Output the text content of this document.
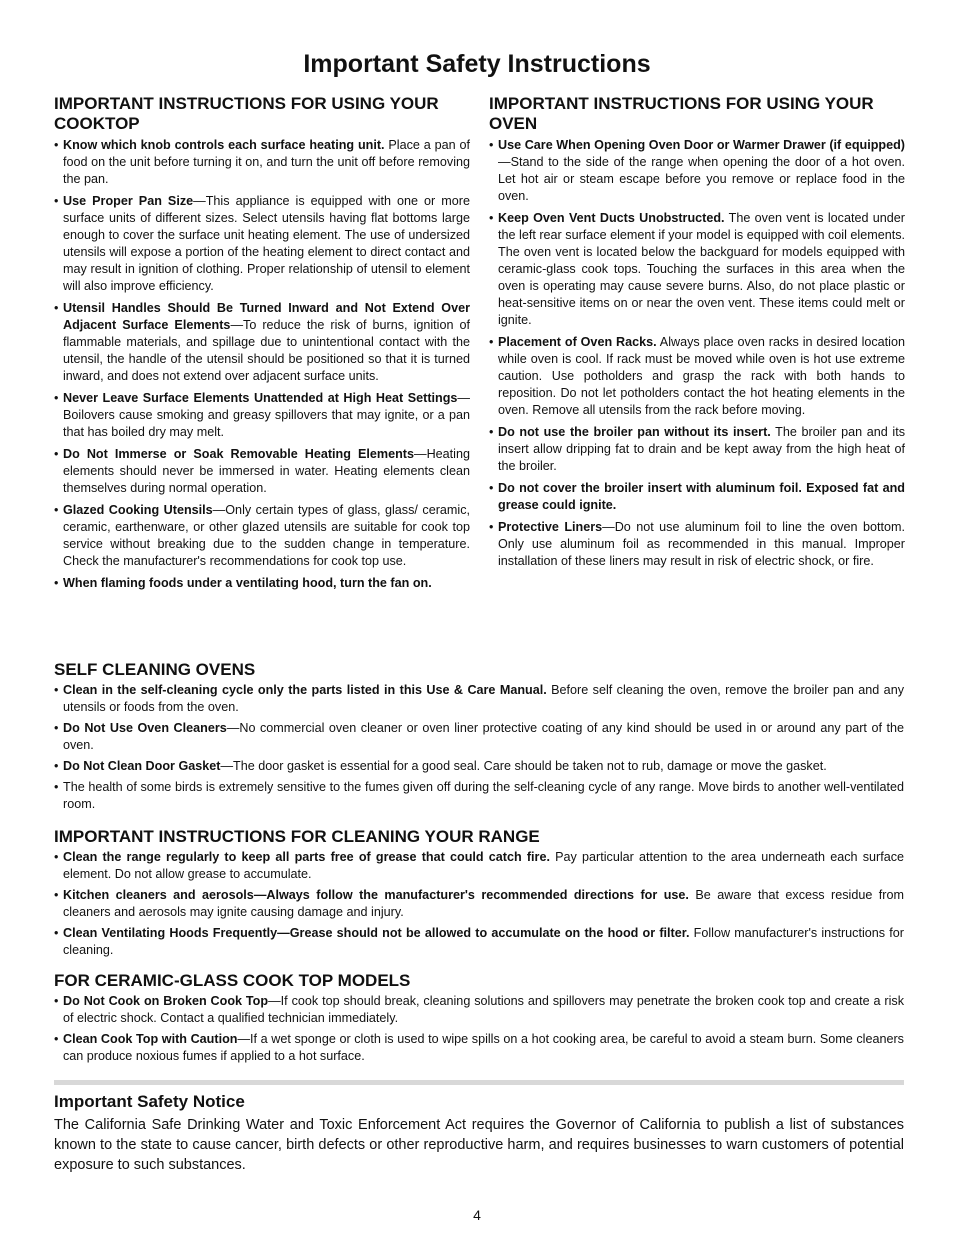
Important Safety Instructions
IMPORTANT INSTRUCTIONS FOR USING YOUR COOKTOP
• Know which knob controls each surface heating unit. Place a pan of food on the unit before turning it on, and turn the unit off before removing the pan.
• Use Proper Pan Size—This appliance is equipped with one or more surface units of different sizes. Select utensils having flat bottoms large enough to cover the surface unit heating element. The use of undersized utensils will expose a portion of the heating element to direct contact and may result in ignition of clothing. Proper relationship of utensil to element will also improve efficiency.
• Utensil Handles Should Be Turned Inward and Not Extend Over Adjacent Surface Elements—To reduce the risk of burns, ignition of flammable materials, and spillage due to unintentional contact with the utensil, the handle of the utensil should be positioned so that it is turned inward, and does not extend over adjacent surface units.
• Never Leave Surface Elements Unattended at High Heat Settings—Boilovers cause smoking and greasy spillovers that may ignite, or a pan that has boiled dry may melt.
• Do Not Immerse or Soak Removable Heating Elements—Heating elements should never be immersed in water. Heating elements clean themselves during normal operation.
• Glazed Cooking Utensils—Only certain types of glass, glass/ ceramic, ceramic, earthenware, or other glazed utensils are suitable for cook top service without breaking due to the sudden change in temperature. Check the manufacturer's recommendations for cook top use.
• When flaming foods under a ventilating hood, turn the fan on.
IMPORTANT INSTRUCTIONS FOR USING YOUR OVEN
• Use Care When Opening Oven Door or Warmer Drawer (if equipped)—Stand to the side of the range when opening the door of a hot oven. Let hot air or steam escape before you remove or replace food in the oven.
• Keep Oven Vent Ducts Unobstructed. The oven vent is located under the left rear surface element if your model is equipped with coil elements. The oven vent is located below the backguard for models equipped with ceramic-glass cook tops. Touching the surfaces in this area when the oven is operating may cause severe burns. Also, do not place plastic or heat-sensitive items on or near the oven vent. These items could melt or ignite.
• Placement of Oven Racks. Always place oven racks in desired location while oven is cool. If rack must be moved while oven is hot use extreme caution. Use potholders and grasp the rack with both hands to reposition. Do not let potholders contact the hot heating elements in the oven. Remove all utensils from the rack before moving.
• Do not use the broiler pan without its insert. The broiler pan and its insert allow dripping fat to drain and be kept away from the high heat of the broiler.
• Do not cover the broiler insert with aluminum foil. Exposed fat and grease could ignite.
• Protective Liners—Do not use aluminum foil to line the oven bottom. Only use aluminum foil as recommended in this manual. Improper installation of these liners may result in risk of electric shock, or fire.
SELF CLEANING OVENS
• Clean in the self-cleaning cycle only the parts listed in this Use & Care Manual. Before self cleaning the oven, remove the broiler pan and any utensils or foods from the oven.
• Do Not Use Oven Cleaners—No commercial oven cleaner or oven liner protective coating of any kind should be used in or around any part of the oven.
• Do Not Clean Door Gasket—The door gasket is essential for a good seal. Care should be taken not to rub, damage or move the gasket.
• The health of some birds is extremely sensitive to the fumes given off during the self-cleaning cycle of any range. Move birds to another well-ventilated room.
IMPORTANT INSTRUCTIONS FOR CLEANING YOUR RANGE
• Clean the range regularly to keep all parts free of grease that could catch fire. Pay particular attention to the area underneath each surface element. Do not allow grease to accumulate.
• Kitchen cleaners and aerosols—Always follow the manufacturer's recommended directions for use. Be aware that excess residue from cleaners and aerosols may ignite causing damage and injury.
• Clean Ventilating Hoods Frequently—Grease should not be allowed to accumulate on the hood or filter. Follow manufacturer's instructions for cleaning.
FOR CERAMIC-GLASS COOK TOP MODELS
• Do Not Cook on Broken Cook Top—If cook top should break, cleaning solutions and spillovers may penetrate the broken cook top and create a risk of electric shock. Contact a qualified technician immediately.
• Clean Cook Top with Caution—If a wet sponge or cloth is used to wipe spills on a hot cooking area, be careful to avoid a steam burn. Some cleaners can produce noxious fumes if applied to a hot surface.
Important Safety Notice

The California Safe Drinking Water and Toxic Enforcement Act requires the Governor of California to publish a list of substances known to the state to cause cancer, birth defects or other reproductive harm, and requires businesses to warn customers of potential exposure to such substances.

4
